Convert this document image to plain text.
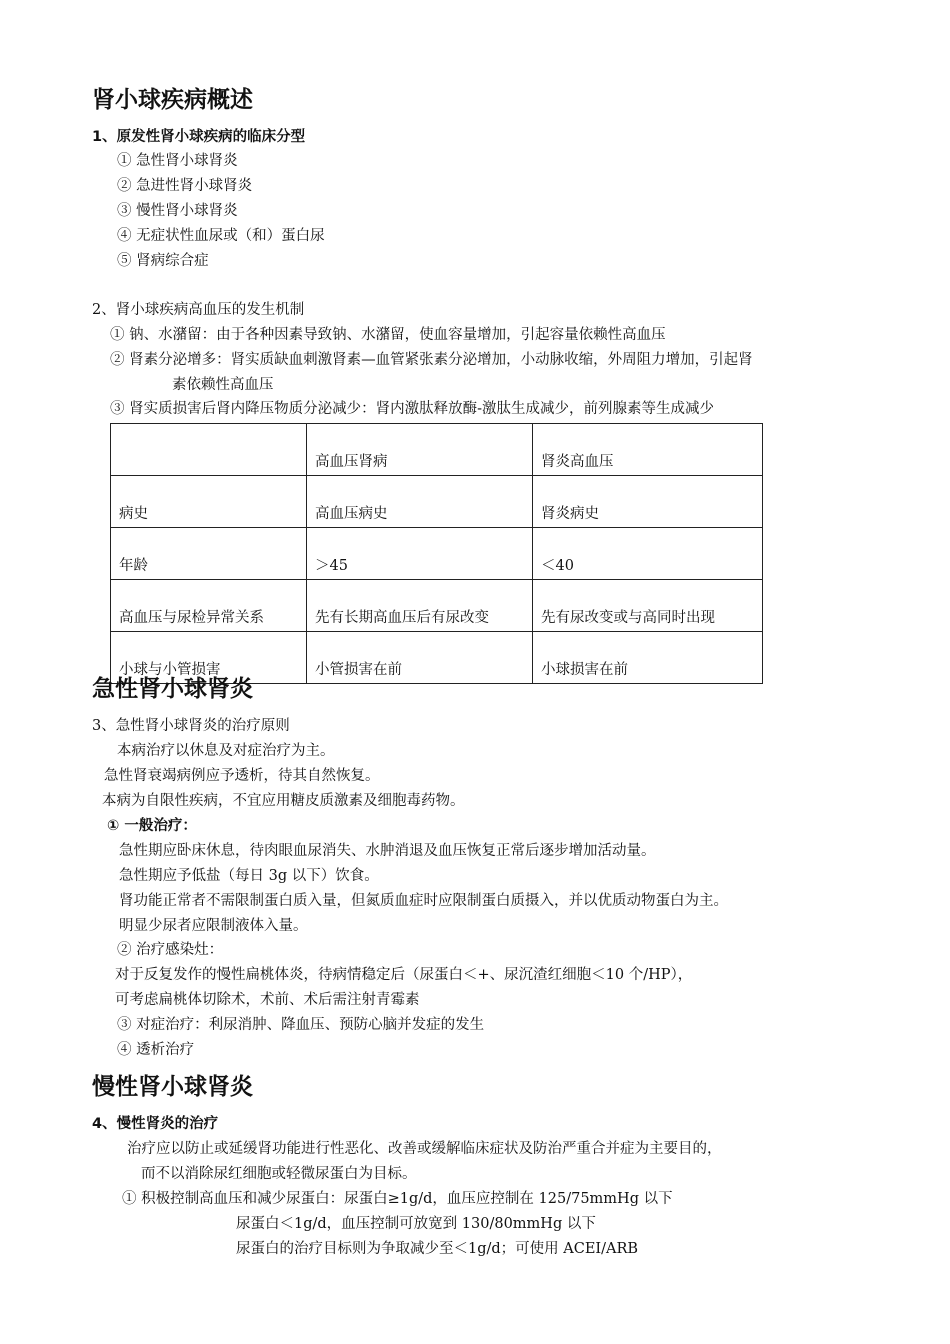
肾小球疾病概述
1、原发性肾小球疾病的临床分型
① 急性肾小球肾炎
② 急进性肾小球肾炎
③ 慢性肾小球肾炎
④ 无症状性血尿或（和）蛋白尿
⑤ 肾病综合症
2、肾小球疾病高血压的发生机制
① 钠、水潴留：由于各种因素导致钠、水潴留，使血容量增加，引起容量依赖性高血压
② 肾素分泌增多：肾实质缺血刺激肾素—血管紧张素分泌增加，小动脉收缩，外周阻力增加，引起肾
素依赖性高血压
③ 肾实质损害后肾内降压物质分泌减少：肾内激肽释放酶-激肽生成减少，前列腺素等生成减少
	高血压肾病	肾炎高血压
病史	高血压病史	肾炎病史
年龄	＞45	＜40
高血压与尿检异常关系	先有长期高血压后有尿改变	先有尿改变或与高同时出现
小球与小管损害	小管损害在前	小球损害在前
急性肾小球肾炎
3、急性肾小球肾炎的治疗原则
本病治疗以休息及对症治疗为主。
急性肾衰竭病例应予透析，待其自然恢复。
本病为自限性疾病，不宜应用糖皮质激素及细胞毒药物。
① 一般治疗：
急性期应卧床休息，待肉眼血尿消失、水肿消退及血压恢复正常后逐步增加活动量。
急性期应予低盐（每日 3g 以下）饮食。
肾功能正常者不需限制蛋白质入量，但氮质血症时应限制蛋白质摄入，并以优质动物蛋白为主。
明显少尿者应限制液体入量。
② 治疗感染灶：
对于反复发作的慢性扁桃体炎，待病情稳定后（尿蛋白＜+、尿沉渣红细胞＜10 个/HP），
可考虑扁桃体切除术，术前、术后需注射青霉素
③ 对症治疗：利尿消肿、降血压、预防心脑并发症的发生
④ 透析治疗
慢性肾小球肾炎
4、慢性肾炎的治疗
治疗应以防止或延缓肾功能进行性恶化、改善或缓解临床症状及防治严重合并症为主要目的，
而不以消除尿红细胞或轻微尿蛋白为目标。
① 积极控制高血压和减少尿蛋白：尿蛋白≥1g/d，血压应控制在 125/75mmHg 以下
尿蛋白＜1g/d，血压控制可放宽到 130/80mmHg 以下
尿蛋白的治疗目标则为争取减少至＜1g/d；可使用 ACEI/ARB
